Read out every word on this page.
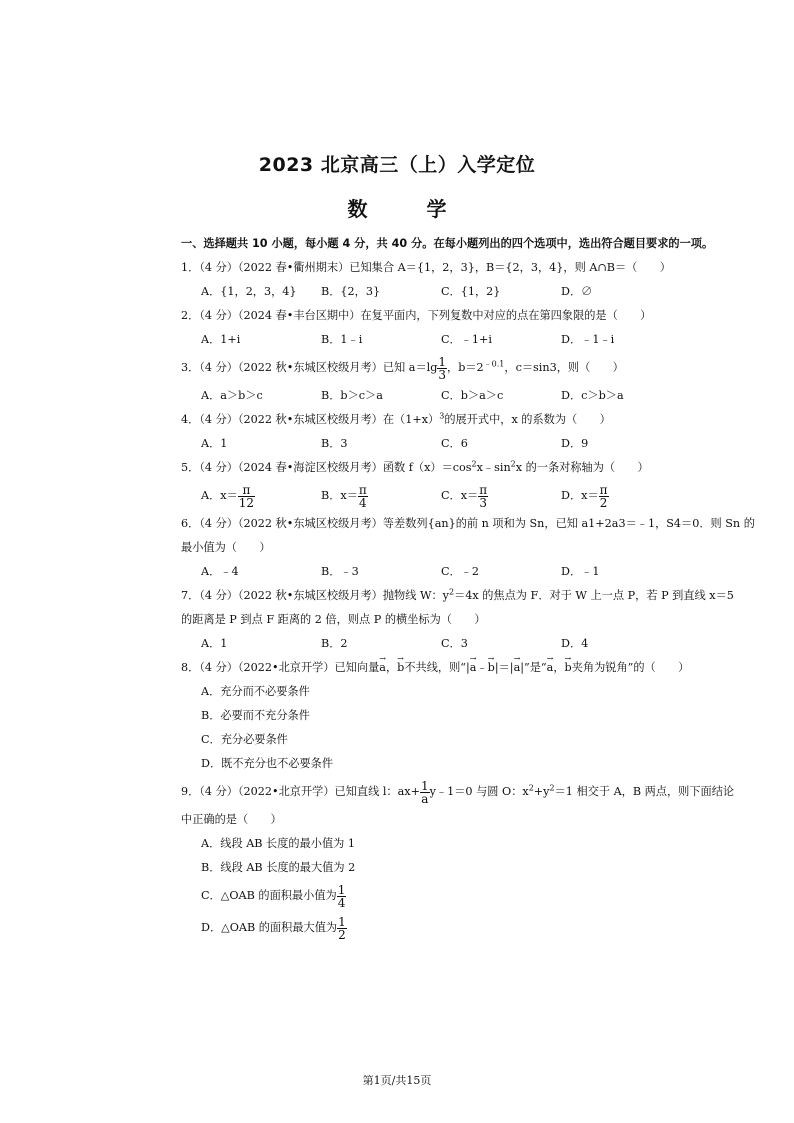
2023 北京高三（上）入学定位
数 学
一、选择题共 10 小题，每小题 4 分，共 40 分。在每小题列出的四个选项中，选出符合题目要求的一项。
1．（4 分）（2022 春•衢州期末）已知集合 A＝{1，2，3}，B＝{2，3，4}，则 A∩B＝（　　）
A．{1，2，3，4}	B．{2，3}	C．{1，2}	D．∅
2．（4 分）（2024 春•丰台区期中）在复平面内，下列复数中对应的点在第四象限的是（　　）
A．1+i	B．1﹣i	C．﹣1+i	D．﹣1﹣i
3．（4 分）（2022 秋•东城区校级月考）已知 $a=\lg \frac{1}{3}$ ，$b=2^{﹣0.1}$，c＝sin3，则（　　）
A．a＞b＞c	B．b＞c＞a	C．b＞a＞c	D．c＞b＞a
4．（4 分）（2022 秋•东城区校级月考）在$(1+x)^3$的展开式中，x 的系数为（　　）
A．1	B．3	C．6	D．9
5．（4 分）（2024 春•海淀区校级月考）函数 $f(x)=\cos^2x﹣\sin^2x$ 的一条对称轴为（　　）
A．$x= \frac{\pi}{12}$	B．$x= \frac{\pi}{4}$	C．$x= \frac{\pi}{3}$	D．$x= \frac{\pi}{2}$
6．（4 分）（2022 秋•东城区校级月考）等差数列{an}的前 n 项和为 Sn，已知 a1+2a3＝﹣1，S4＝0．则 Sn 的
最小值为（　　）
A．﹣4	B．﹣3	C．﹣2	D．﹣1
7．（4 分）（2022 秋•东城区校级月考）抛物线 W：$y^2=4x$ 的焦点为 F．对于 W 上一点 P，若 P 到直线 x＝5
的距离是 P 到点 F 距离的 2 倍，则点 P 的横坐标为（　　）
A．1	B．2	C．3	D．4
8．（4 分）（2022•北京开学）已知向量→ a，→ b不共线，则“|→ a﹣→ b|＝|→ a|”是“→ a，→ b夹角为锐角”的（　　）
A．充分而不必要条件
B．必要而不充分条件
C．充分必要条件
D．既不充分也不必要条件
9．（4 分）（2022•北京开学）已知直线 l：$ax+ \frac{1}{a}$ y﹣1＝0 与圆 O：$x^2+y^2=1$ 相交于 A，B 两点，则下面结论
中正确的是（　　）
A．线段 AB 长度的最小值为 1
B．线段 AB 长度的最大值为 2
C．△OAB 的面积最小值为 $\frac{1}{4}$
D．△OAB 的面积最大值为 $\frac{1}{2}$
第1页/共15页
